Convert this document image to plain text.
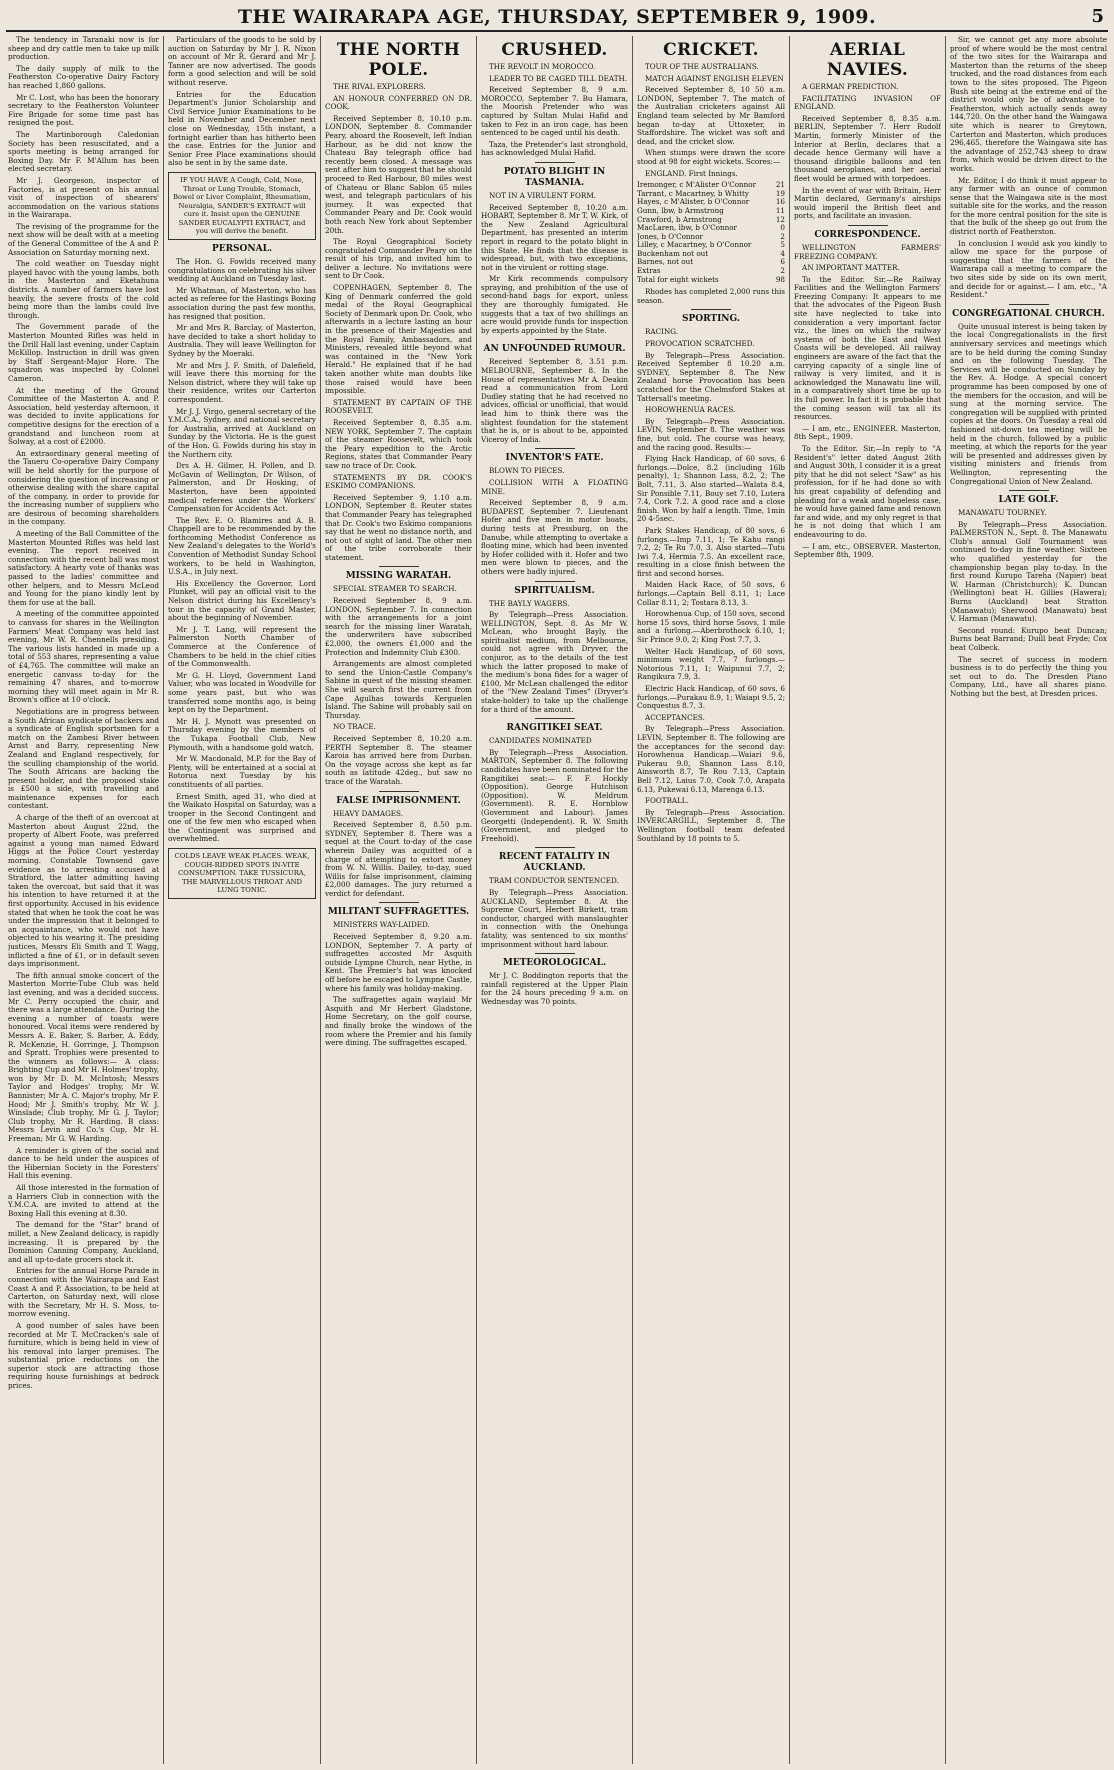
THE WAIRARAPA AGE, THURSDAY, SEPTEMBER 9, 1909.	5

The tendency in Taranaki now is for sheep and dry cattle men to take up milk production.

The daily supply of milk to the Featherston Co-operative Dairy Factory has reached 1,860 gallons.

Mr C. Lost, who has been the honorary secretary to the Featherston Volunteer Fire Brigade for some time past has resigned the post.

The Martinborough Caledonian Society has been resuscitated, and a sports meeting is being arranged for Boxing Day. Mr F. M'Allum has been elected secretary.

Mr J. Georgeson, inspector of Factories, is at present on his annual visit of inspection of shearers' accommodation on the various stations in the Wairarapa.

The revising of the programme for the next show will be dealt with at a meeting of the General Committee of the A and P. Association on Saturday morning next.

The cold weather on Tuesday night played havoc with the young lambs, both in the Masterton and Eketahuna districts. A number of farmers have lost heavily, the severe frosts of the cold being more than the lambs could live through.

The Government parade of the Masterton Mounted Rifles was held in the Drill Hall last evening, under Captain McKillop. Instruction in drill was given by Staff Sergeant-Major Hore. The squadron was inspected by Colonel Cameron.

At the meeting of the Ground Committee of the Masterton A. and P. Association, held yesterday afternoon, it was decided to invite applications for competitive designs for the erection of a grandstand and luncheon room at Solway, at a cost of £2000.

An extraordinary general meeting of the Taueru Co-operative Dairy Company will be held shortly for the purpose of considering the question of increasing or otherwise dealing with the share capital of the company, in order to provide for the increasing number of suppliers who are desirous of becoming shareholders in the company.

A meeting of the Ball Committee of the Masterton Mounted Rifles was held last evening. The report received in connection with the recent ball was most satisfactory. A hearty vote of thanks was passed to the ladies' committee and other helpers, and to Messrs McLeod and Young for the piano kindly lent by them for use at the ball.

A meeting of the committee appointed to canvass for shares in the Wellington Farmers' Meat Company was held last evening, Mr W. R. Chennells presiding. The various lists handed in made up a total of 553 shares, representing a value of £4,765. The committee will make an energetic canvass to-day for the remaining 47 shares, and to-morrow morning they will meet again in Mr R. Brown's office at 10 o'clock.

Negotiations are in progress between a South African syndicate of backers and a syndicate of English sportsmen for a match on the Zambesi River between Arnst and Barry, representing New Zealand and England respectively, for the sculling championship of the world. The South Africans are backing the present holder, and the proposed stake is £500 a side, with travelling and maintenance expenses for each contestant.

A charge of the theft of an overcoat at Masterton about August 22nd, the property of Albert Foote, was preferred against a young man named Edward Higgs at the Police Court yesterday morning. Constable Townsend gave evidence as to arresting accused at Stratford, the latter admitting having taken the overcoat, but said that it was his intention to have returned it at the first opportunity. Accused in his evidence stated that when he took the coat he was under the impression that it belonged to an acquaintance, who would not have objected to his wearing it. The presiding justices, Messrs Eli Smith and T. Wagg, inflicted a fine of £1, or in default seven days imprisonment.

The fifth annual smoke concert of the Masterton Morrie-Tube Club was held last evening, and was a decided success. Mr C. Perry occupied the chair, and there was a large attendance. During the evening a number of toasts were honoured. Vocal items were rendered by Messrs A. E. Baker, S. Barber, A. Eddy, R. McKenzie, H. Gorringe, J. Thompson and Spratt. Trophies were presented to the winners as follows:— A class: Brighting Cup and Mr H. Holmes' trophy, won by Mr D. M. McIntosh; Messrs Taylor and Hodges' trophy, Mr W. Bannister; Mr A. C. Major's trophy, Mr F. Hood; Mr J. Smith's trophy, Mr W. J. Winslade; Club trophy, Mr G. J. Taylor; Club trophy, Mr R. Harding. B class: Messrs Levin and Co.'s Cup, Mr H. Freeman; Mr G. W. Harding.

A reminder is given of the social and dance to be held under the auspices of the Hibernian Society in the Foresters' Hall this evening.

All those interested in the formation of a Harriers Club in connection with the Y.M.C.A. are invited to attend at the Boxing Hall this evening at 8.30.

The demand for the "Star" brand of millet, a New Zealand delicacy, is rapidly increasing. It is prepared by the Dominion Canning Company, Auckland, and all up-to-date grocers stock it.

Entries for the annual Horse Parade in connection with the Wairarapa and East Coast A and P. Association, to be held at Carterton, on Saturday next, will close with the Secretary, Mr H. S. Moss, to-morrow evening.

A good number of sales have been recorded at Mr T. McCracken's sale of furniture, which is being held in view of his removal into larger premises. The substantial price reductions on the superior stock are attracting those requiring house furnishings at bedrock prices.

Particulars of the goods to be sold by auction on Saturday by Mr J. R. Nixon on account of Mr R. Gerard and Mr J. Tanner are now advertised. The goods form a good selection and will be sold without reserve.

Entries for the Education Department's Junior Scholarship and Civil Service Junior Examinations to be held in November and December next close on Wednesday, 15th instant, a fortnight earlier than has hitherto been the case. Entries for the Junior and Senior Free Place examinations should also be sent in by the same date.

IF YOU HAVE A Cough, Cold, Nose, Throat or Lung Trouble, Stomach, Bowel or Liver Complaint, Rheumatism, Neuralgia, SANDER'S EXTRACT will cure it. Insist upon the GENUINE SANDER EUCALYPTI EXTRACT, and you will derive the benefit.
PERSONAL.

The Hon. G. Fowlds received many congratulations on celebrating his silver wedding at Auckland on Tuesday last.

Mr Whatman, of Masterton, who has acted as referee for the Hastings Boxing association during the past few months, has resigned that position.

Mr and Mrs R. Barclay, of Masterton, have decided to take a short holiday to Australia. They will leave Wellington for Sydney by the Moeraki.

Mr and Mrs J. F. Smith, of Dalefield, will leave there this morning for the Nelson district, where they will take up their residence, writes our Carterton correspondent.

Mr J. J. Virgo, general secretary of the Y.M.C.A., Sydney, and national secretary for Australia, arrived at Auckland on Sunday by the Victoria. He is the guest of the Hon. G. Fowlds during his stay in the Northern city.

Drs A. H. Gilmer, H. Pollen, and D. McGavin of Wellington, Dr Wilson, of Palmerston, and Dr Hosking, of Masterton, have been appointed medical referees under the Workers' Compensation for Accidents Act.

The Rev. E. O. Blamires and A. B. Chappell are to be recommended by the forthcoming Methodist Conference as New Zealand's delegates to the World's Convention of Methodist Sunday School workers, to be held in Washington, U.S.A., in July next.

His Excellency the Governor, Lord Plunket, will pay an official visit to the Nelson district during his Excellency's tour in the capacity of Grand Master, about the beginning of November.

Mr J. T. Lang, will represent the Palmerston North Chamber of Commerce at the Conference of Chambers to be held in the chief cities of the Commonwealth.

Mr G. H. Lloyd, Government Land Valuer, who was located in Woodville for some years past, but who was transferred some months ago, is being kept on by the Department.

Mr H. J. Mynott was presented on Thursday evening by the members of the Tukapa Football Club, New Plymouth, with a handsome gold watch.

Mr W. Macdonald, M.P. for the Bay of Plenty, will be entertained at a social at Rotorua next Tuesday by his constituents of all parties.

Ernest Smith, aged 31, who died at the Waikato Hospital on Saturday, was a trooper in the Second Contingent and one of the few men who escaped when the Contingent was surprised and overwhelmed.

COLDS LEAVE WEAK PLACES. WEAK, COUGH-RIDDED SPOTS IN-VITE CONSUMPTION. TAKE TUSSICURA, THE MARVELLOUS THROAT AND LUNG TONIC.
THE NORTH POLE.

THE RIVAL EXPLORERS.

AN HONOUR CONFERRED ON DR. COOK.

Received September 8, 10.10 p.m. LONDON, September 8. Commander Peary, aboard the Roosevelt, left Indian Harbour, as he did not know the Chateau Bay telegraph office had recently been closed. A message was sent after him to suggest that he should proceed to Red Harbour, 80 miles west of Chateau or Blanc Sablon 65 miles west, and telegraph particulars of his journey. It was expected that Commander Peary and Dr. Cook would both reach New York about September 20th.

The Royal Geographical Society congratulated Commander Peary on the result of his trip, and invited him to deliver a lecture. No invitations were sent to Dr Cook.

COPENHAGEN, September 8. The King of Denmark conferred the gold medal of the Royal Geographical Society of Denmark upon Dr. Cook, who afterwards in a lecture lasting an hour in the presence of their Majesties and the Royal Family, Ambassadors, and Ministers, revealed little beyond what was contained in the "New York Herald." He explained that if he had taken another white man doubts like those raised would have been impossible.

STATEMENT BY CAPTAIN OF THE ROOSEVELT.

Received September 8, 8.35 a.m. NEW YORK, September 7. The captain of the steamer Roosevelt, which took the Peary expedition to the Arctic Regions, states that Commander Peary saw no trace of Dr. Cook.

STATEMENTS BY DR. COOK'S ESKIMO COMPANIONS.

Received September 9, 1.10 a.m. LONDON, September 8. Reuter states that Commander Peary has telegraphed that Dr. Cook's two Eskimo companions say that he went no distance north, and not out of sight of land. The other men of the tribe corroborate their statement.

MISSING WARATAH.

SPECIAL STEAMER TO SEARCH.

Received September 8, 9 a.m. LONDON, September 7. In connection with the arrangements for a joint search for the missing liner Waratah, the underwriters have subscribed £2,000, the owners £1,000 and the Protection and Indemnity Club £300.

Arrangements are almost completed to send the Union-Castle Company's Sabine in quest of the missing steamer. She will search first the current from Cape Agulhas towards Kerguelen Island. The Sabine will probably sail on Thursday.

NO TRACE.

Received September 8, 10.20 a.m. PERTH September 8. The steamer Karoia has arrived here from Durban. On the voyage across she kept as far south as latitude 42deg., but saw no trace of the Waratah.

FALSE IMPRISONMENT.

HEAVY DAMAGES.

Received September 8, 8.50 p.m. SYDNEY, September 8. There was a sequel at the Court to-day of the case wherein Dailey was acquitted of a charge of attempting to extort money from W. N. Willis. Dailey, to-day, sued Willis for false imprisonment, claiming £2,000 damages. The jury returned a verdict for defendant.

MILITANT SUFFRAGETTES.

MINISTERS WAY-LAIDED.

Received September 8, 9.20 a.m. LONDON, September 7. A party of suffragettes accosted Mr Asquith outside Lympne Church, near Hythe, in Kent. The Premier's hat was knocked off before he escaped to Lympne Castle, where his family was holiday-making.

The suffragettes again waylaid Mr Asquith and Mr Herbert Gladstone, Home Secretary, on the golf course, and finally broke the windows of the room where the Premier and his family were dining. The suffragettes escaped.

CRUSHED.

THE REVOLT IN MOROCCO.

LEADER TO BE CAGED TILL DEATH.

Received September 8, 9 a.m. MOROCCO, September 7. Bu Hamara, the Moorish Pretender who was captured by Sultan Mulai Hafid and taken to Fez in an iron cage, has been sentenced to be caged until his death.

Taza, the Pretender's last stronghold, has acknowledged Mulai Hafid.

POTATO BLIGHT IN TASMANIA.

NOT IN A VIRULENT FORM.

Received September 8, 10.20 a.m. HOBART, September 8. Mr T. W. Kirk, of the New Zealand Agricultural Department, has presented an interim report in regard to the potato blight in this State. He finds that the disease is widespread, but, with two exceptions, not in the virulent or rotting stage.

Mr Kirk recommends compulsory spraying, and prohibition of the use of second-hand bags for export, unless they are thoroughly fumigated. He suggests that a tax of two shillings an acre would provide funds for inspection by experts appointed by the State.

AN UNFOUNDED RUMOUR.

Received September 8, 3.51 p.m. MELBOURNE, September 8. In the House of representatives Mr A. Deakin read a communication from Lord Dudley stating that he had received no advices, official or unofficial, that would lead him to think there was the slightest foundation for the statement that he is, or is about to be, appointed Viceroy of India.

INVENTOR'S FATE.

BLOWN TO PIECES.

COLLISION WITH A FLOATING MINE.

Received September 8, 9 a.m. BUDAPEST, September 7. Lieutenant Hofer and five men in motor boats, during tests at Pressburg, on the Danube, while attempting to overtake a floating mine, which had been invented by Hofer collided with it. Hofer and two men were blown to pieces, and the others were badly injured.

SPIRITUALISM.

THE BAYLY WAGERS.

By Telegraph—Press Association. WELLINGTON, Sept. 8. As Mr W. McLean, who brought Bayly, the spiritualist medium, from Melbourne, could not agree with Dryver, the conjuror, as to the details of the test which the latter proposed to make of the medium's bona fides for a wager of £100, Mr McLean challenged the editor of the "New Zealand Times" (Dryver's stake-holder) to take up the challenge for a third of the amount.

RANGITIKEI SEAT.

CANDIDATES NOMINATED

By Telegraph—Press Association. MARTON, September 8. The following candidates have been nominated for the Rangitikei seat:— F. F. Hockly (Opposition). George Hutchison (Opposition). W. Meldrum (Government). R. E. Hornblow (Government and Labour). James Georgetti (Independent). R. W. Smith (Government, and pledged to Freehold).

RECENT FATALITY IN AUCKLAND.

TRAM CONDUCTOR SENTENCED.

By Telegraph—Press Association. AUCKLAND, September 8. At the Supreme Court, Herbert Birkett, tram conductor, charged with manslaughter in connection with the Onehunga fatality, was sentenced to six months' imprisonment without hard labour.

METEOROLOGICAL.

Mr J. C. Boddington reports that the rainfall registered at the Upper Plain for the 24 hours preceding 9 a.m. on Wednesday was 70 points.

CRICKET.

TOUR OF THE AUSTRALIANS.

MATCH AGAINST ENGLISH ELEVEN

Received September 8, 10 50 a.m. LONDON, September 7. The match of the Australian cricketers against All England team selected by Mr Bamford began to-day at Uttoxeter, in Staffordshire. The wicket was soft and dead, and the cricket slow.

When stumps were drawn the score stood at 98 for eight wickets. Scores:—

ENGLAND. First Innings.

Iremonger, c M'Alister O'Connor	21
Tarrant, c Macartney, b Whitty	19
Hayes, c M'Alister, b O'Connor	16
Gunn, lbw, b Armstrong	11
Crawford, b Armstrong	12
MacLaren, lbw, b O'Connor	0
Jones, b O'Connor	2
Lilley, c Macartney, b O'Connor	5
Buckenham not out	4
Barnes, not out	6
Extras	2
Total for eight wickets	98

Rhodes has completed 2,000 runs this season.

SPORTING.

RACING.

PROVOCATION SCRATCHED.

By Telegraph—Press Association. Received September 8 10.20 a.m. SYDNEY, September 8. The New Zealand horse Provocation has been scratched for the Chelmsford Stakes at Tattersall's meeting.

HOROWHENUA RACES.

By Telegraph—Press Association. LEVIN, September 8. The weather was fine, but cold. The course was heavy, and the racing good. Results:—

Flying Hack Handicap, of 60 sovs, 6 furlongs.—Dolce, 8.2 (including 16lb penalty), 1; Shannon Lass, 8.2, 2; The Bolt, 7.11, 3. Also started—Walata 8.4, Sir Ponsible 7.11, Bouy set 7.10, Lutera 7.4, Cork 7.2. A good race and a close finish. Won by half a length. Time, 1min 20 4-5sec.

Park Stakes Handicap, of 80 sovs, 6 furlongs.—Imp 7.11, 1; Te Kahu rangi 7.2, 2; Te Ru 7.0, 3. Also started—Tutu Iwi 7.4, Hermia 7.5. An excellent race, resulting in a close finish between the first and second horses.

Maiden Hack Race, of 50 sovs, 6 furlongs.—Captain Bell 8.11, 1; Lace Collar 8.11, 2; Tostara 8.13, 3.

Horowhenua Cup, of 150 sovs, second horse 15 sovs, third horse 5sovs, 1 mile and a furlong.—Aberbrothock 6.10, 1; Sir Prince 9.0, 2; King Post 7.7, 3.

Welter Hack Handicap, of 60 sovs, minimum weight 7.7, 7 furlongs.—Notorious 7.11, 1; Waipunui 7.7, 2; Rangikura 7.9, 3.

Electric Hack Handicap, of 60 sovs, 6 furlongs.—Purakau 8.9, 1; Waiapi 9.5, 2; Conquestus 8.7, 3.

ACCEPTANCES.

By Telegraph—Press Association. LEVIN, September 8. The following are the acceptances for the second day: Horowhenua Handicap.—Waiari 9.6, Pukerau 9.0, Shannon Lass 8.10, Ainsworth 8.7, Te Rou 7.13, Captain Bell 7.12, Laius 7.0, Cook 7.0, Arapata 6.13, Pukewai 6.13, Marenga 6.13.

FOOTBALL.

By Telegraph—Press Association. INVERCARGILL, September 8. The Wellington football team defeated Southland by 18 points to 5.

AERIAL NAVIES.

A GERMAN PREDICTION.

FACILITATING INVASION OF ENGLAND.

Received September 8, 8.35 a.m. BERLIN, September 7. Herr Rudolf Martin, formerly Minister of the Interior at Berlin, declares that a decade hence Germany will have a thousand dirigible balloons and ten thousand aeroplanes, and her aerial fleet would be armed with torpedoes.

In the event of war with Britain, Herr Martin declared, Germany's airships would imperil the British fleet and ports, and facilitate an invasion.

CORRESPONDENCE.

WELLINGTON FARMERS' FREEZING COMPANY.

AN IMPORTANT MATTER.

To the Editor. Sir,—Re Railway Facilities and the Wellington Farmers' Freezing Company: It appears to me that the advocates of the Pigeon Bush site have neglected to take into consideration a very important factor viz., the lines on which the railway systems of both the East and West Coasts will be developed. All railway engineers are aware of the fact that the carrying capacity of a single line of railway is very limited, and it is acknowledged the Manawatu line will, in a comparatively short time be up to its full power. In fact it is probable that the coming season will tax all its resources.

— I am, etc., ENGINEER. Masterton, 8th Sept., 1909.

To the Editor. Sir,—In reply to "A Resident's" letter dated August 26th and August 30th, I consider it is a great pity that he did not select "Saw" as his profession, for if he had done so with his great capability of defending and pleading for a weak and hopeless case, he would have gained fame and renown far and wide, and my only regret is that he is not doing that which I am endeavouring to do.

— I am, etc., OBSERVER. Masterton, September 8th, 1909.

Sir, we cannot get any more absolute proof of where would be the most central of the two sites for the Wairarapa and Masterton than the returns of the sheep trucked, and the road distances from each town to the sites proposed. The Pigeon Bush site being at the extreme end of the district would only be of advantage to Featherston, which actually sends away 144,720. On the other hand the Waingawa site which is nearer to Greytown, Carterton and Masterton, which produces 296,465, therefore the Waingawa site has the advantage of 252,743 sheep to draw from, which would be driven direct to the works.

Mr. Editor, I do think it must appear to any farmer with an ounce of common sense that the Waingawa site is the most suitable site for the works, and the reason for the more central position for the site is that the bulk of the sheep go out from the district north of Featherston.

In conclusion I would ask you kindly to allow me space for the purpose of suggesting that the farmers of the Wairarapa call a meeting to compare the two sites side by side on its own merit, and decide for or against.— I am, etc., "A Resident."

CONGREGATIONAL CHURCH.

Quite unusual interest is being taken by the local Congregationalists in the first anniversary services and meetings which are to be held during the coming Sunday and on the following Tuesday. The Services will be conducted on Sunday by the Rev. A. Hodge. A special concert programme has been composed by one of the members for the occasion, and will be sung at the morning service. The congregation will be supplied with printed copies at the doors. On Tuesday a real old fashioned sit-down tea meeting will be held in the church, followed by a public meeting, at which the reports for the year will be presented and addresses given by visiting ministers and friends from Wellington, representing the Congregational Union of New Zealand.

LATE GOLF.

MANAWATU TOURNEY.

By Telegraph—Press Association. PALMERSTON N., Sept. 8. The Manawatu Club's annual Golf Tournament was continued to-day in fine weather. Sixteen who qualified yesterday for the championship began play to-day. In the first round Kurupo Tareha (Napier) beat W. Harman (Christchurch); K. Duncan (Wellington) beat H. Gillies (Hawera); Burns (Auckland) beat Stratton (Manawatu); Sherwood (Manawatu) beat V. Harman (Manawatu).

Second round: Kurupo beat Duncan; Burns beat Barrand; Duill beat Fryde; Cox beat Colbeck.

The secret of success in modern business is to do perfectly the thing you set out to do. The Dresden Piano Company, Ltd., have all shares piano. Nothing but the best, at Dresden prices.
